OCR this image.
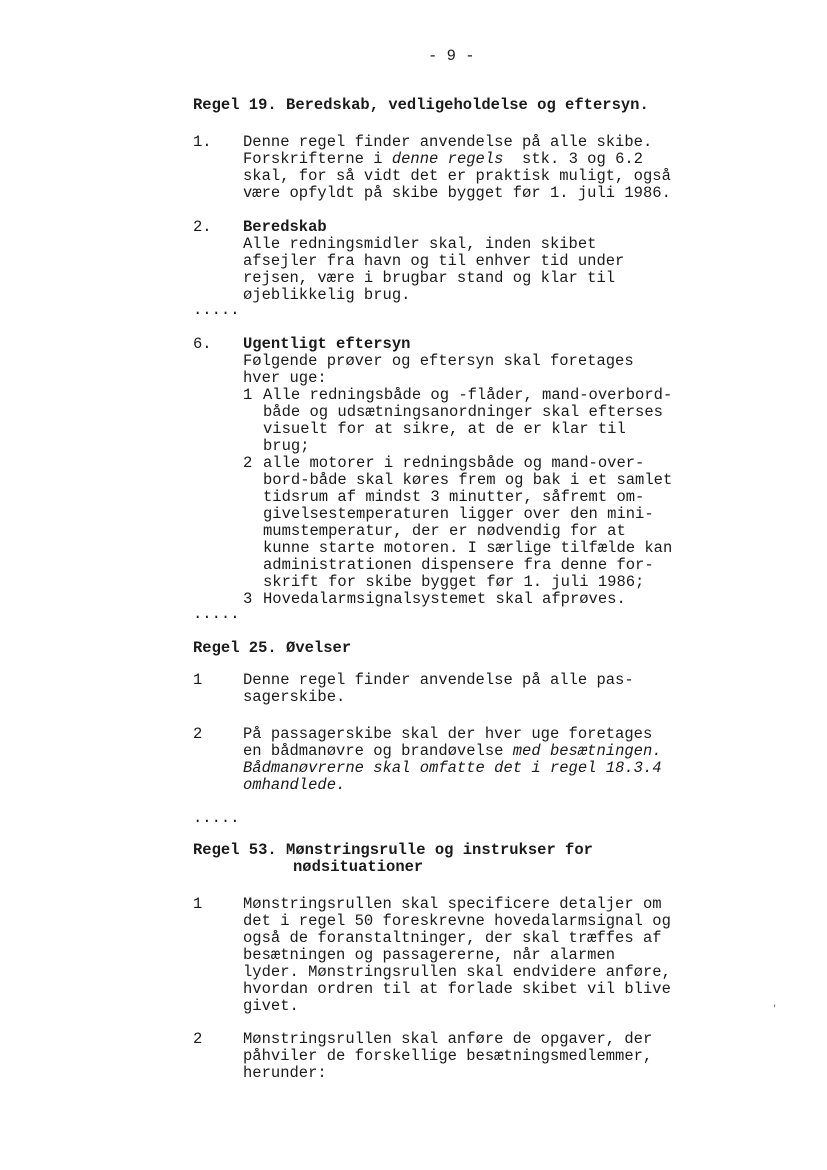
- 9 -
Regel 19. Beredskab, vedligeholdelse og eftersyn.
1. Denne regel finder anvendelse på alle skibe.
Forskrifterne i denne regels  stk. 3 og 6.2
skal, for så vidt det er praktisk muligt, også
være opfyldt på skibe bygget før 1. juli 1986.
2. Beredskab
Alle redningsmidler skal, inden skibet
afsejler fra havn og til enhver tid under
rejsen, være i brugbar stand og klar til
øjeblikkelig brug.
.....
6. Ugentligt eftersyn
Følgende prøver og eftersyn skal foretages
hver uge:
1 Alle redningsbåde og -flåder, mand-overbord-
både og udsætningsanordninger skal efterses
visuelt for at sikre, at de er klar til
brug;
2 alle motorer i redningsbåde og mand-over-
bord-både skal køres frem og bak i et samlet
tidsrum af mindst 3 minutter, såfremt om-
givelsestemperaturen ligger over den mini-
mumstemperatur, der er nødvendig for at
kunne starte motoren. I særlige tilfælde kan
administrationen dispensere fra denne for-
skrift for skibe bygget før 1. juli 1986;
3 Hovedalarmsignalsystemet skal afprøves.
.....
Regel 25. Øvelser
1	Denne regel finder anvendelse på alle pas-
sagerskibe.
2	På passagerskibe skal der hver uge foretages
en bådmanøvre og brandøvelse med besætningen.
Bådmanøvrerne skal omfatte det i regel 18.3.4
omhandlede.
.....
Regel 53. Mønstringsrulle og instrukser for
nødsituationer
1	Mønstringsrullen skal specificere detaljer om
det i regel 50 foreskrevne hovedalarmsignal og
også de foranstaltninger, der skal træffes af
besætningen og passagererne, når alarmen
lyder. Mønstringsrullen skal endvidere anføre,
hvordan ordren til at forlade skibet vil blive
givet.
2	Mønstringsrullen skal anføre de opgaver, der
påhviler de forskellige besætningsmedlemmer,
herunder:
'
